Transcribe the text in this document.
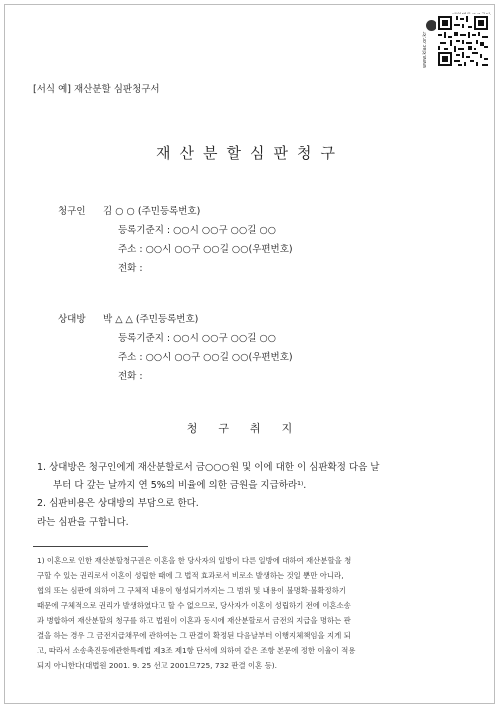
www.klac.or.kr
[서식 예] 재산분할 심판청구서
재산분할심판청구
청구인 김 ○ ○ (주민등록번호)
등록기준지 : ○○시 ○○구 ○○길 ○○
주소 : ○○시 ○○구 ○○길 ○○(우편번호)
전화 :
상대방 박 △ △ (주민등록번호)
등록기준지 : ○○시 ○○구 ○○길 ○○
주소 : ○○시 ○○구 ○○길 ○○(우편번호)
전화 :
청구취지
1. 상대방은 청구인에게 재산분할로서 금○○○원 및 이에 대한 이 심판확정 다음 날
부터 다 갚는 날까지 연 5%의 비율에 의한 금원을 지급하라¹⁾.
2. 심판비용은 상대방의 부담으로 한다.
라는 심판을 구합니다.
1) 이혼으로 인한 재산분할청구권은 이혼을 한 당사자의 일방이 다른 일방에 대하여 재산분할을 청
구할 수 있는 권리로서 이혼이 성립한 때에 그 법적 효과로서 비로소 발생하는 것일 뿐만 아니라,
협의 또는 심판에 의하여 그 구체적 내용이 형성되기까지는 그 범위 및 내용이 불명확·불확정하기
때문에 구체적으로 권리가 발생하였다고 할 수 없으므로, 당사자가 이혼이 성립하기 전에 이혼소송
과 병합하여 재산분할의 청구를 하고 법원이 이혼과 동시에 재산분할로서 금전의 지급을 명하는 판
결을 하는 경우 그 금전지급채무에 관하여는 그 판결이 확정된 다음날부터 이행지체책임을 지게 되
고, 따라서 소송촉진등에관한특례법 제3조 제1항 단서에 의하여 같은 조항 본문에 정한 이율이 적용
되지 아니한다(대법원 2001. 9. 25 선고 2001므725, 732 판결 이혼 등).
